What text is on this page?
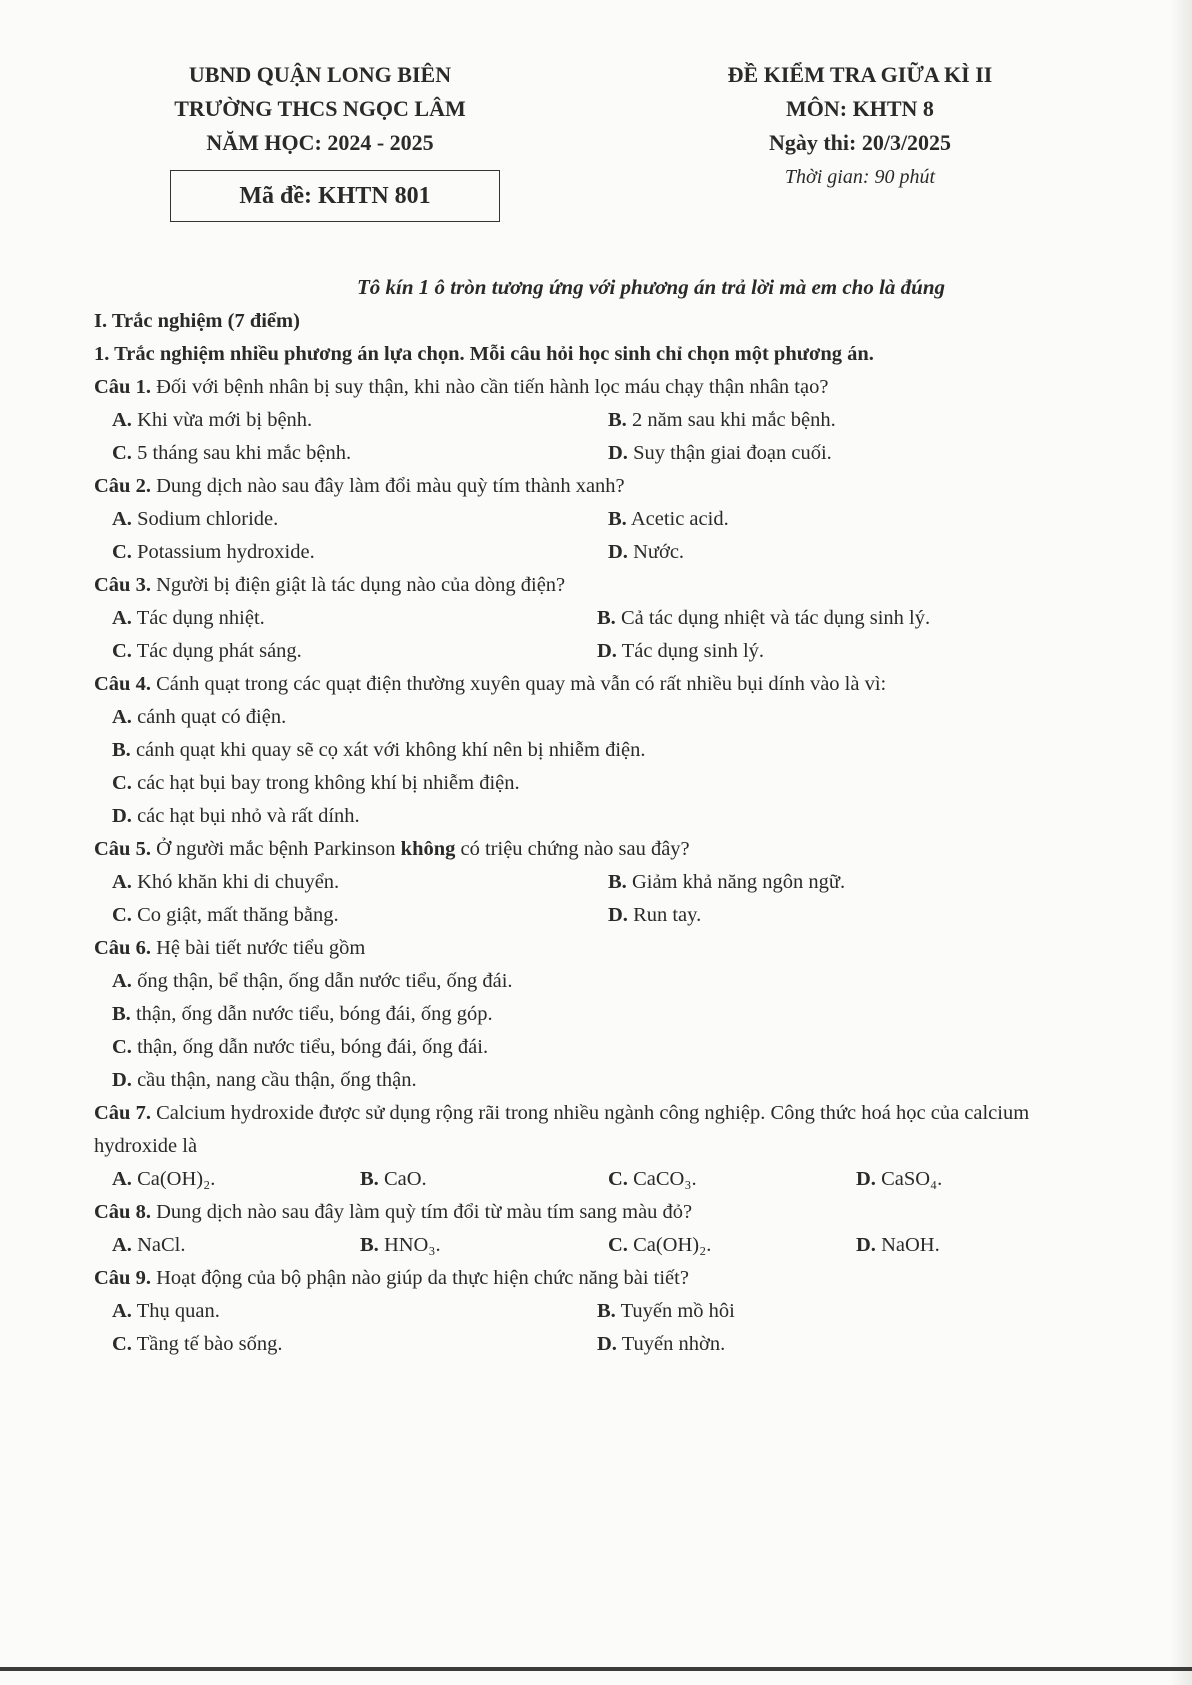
UBND QUẬN LONG BIÊN
TRƯỜNG THCS NGỌC LÂM
NĂM HỌC: 2024 - 2025
Mã đề: KHTN 801
ĐỀ KIỂM TRA GIỮA KÌ II
MÔN: KHTN 8
Ngày thi: 20/3/2025
Thời gian: 90 phút
Tô kín 1 ô tròn tương ứng với phương án trả lời mà em cho là đúng
I. Trắc nghiệm (7 điểm)
1. Trắc nghiệm nhiều phương án lựa chọn. Mỗi câu hỏi học sinh chỉ chọn một phương án.
Câu 1. Đối với bệnh nhân bị suy thận, khi nào cần tiến hành lọc máu chạy thận nhân tạo?
A. Khi vừa mới bị bệnh.	B. 2 năm sau khi mắc bệnh.
C. 5 tháng sau khi mắc bệnh.	D. Suy thận giai đoạn cuối.
Câu 2. Dung dịch nào sau đây làm đổi màu quỳ tím thành xanh?
A. Sodium chloride.	B. Acetic acid.
C. Potassium hydroxide.	D. Nước.
Câu 3. Người bị điện giật là tác dụng nào của dòng điện?
A. Tác dụng nhiệt.	B. Cả tác dụng nhiệt và tác dụng sinh lý.
C. Tác dụng phát sáng.	D. Tác dụng sinh lý.
Câu 4. Cánh quạt trong các quạt điện thường xuyên quay mà vẫn có rất nhiều bụi dính vào là vì:
A. cánh quạt có điện.
B. cánh quạt khi quay sẽ cọ xát với không khí nên bị nhiễm điện.
C. các hạt bụi bay trong không khí bị nhiễm điện.
D. các hạt bụi nhỏ và rất dính.
Câu 5. Ở người mắc bệnh Parkinson không có triệu chứng nào sau đây?
A. Khó khăn khi di chuyển.	B. Giảm khả năng ngôn ngữ.
C. Co giật, mất thăng bằng.	D. Run tay.
Câu 6. Hệ bài tiết nước tiểu gồm
A. ống thận, bể thận, ống dẫn nước tiểu, ống đái.
B. thận, ống dẫn nước tiểu, bóng đái, ống góp.
C. thận, ống dẫn nước tiểu, bóng đái, ống đái.
D. cầu thận, nang cầu thận, ống thận.
Câu 7. Calcium hydroxide được sử dụng rộng rãi trong nhiều ngành công nghiệp. Công thức hoá học của calcium hydroxide là
A. Ca(OH)₂.	B. CaO.	C. CaCO₃.	D. CaSO₄.
Câu 8. Dung dịch nào sau đây làm quỳ tím đổi từ màu tím sang màu đỏ?
A. NaCl.	B. HNO₃.	C. Ca(OH)₂.	D. NaOH.
Câu 9. Hoạt động của bộ phận nào giúp da thực hiện chức năng bài tiết?
A. Thụ quan.	B. Tuyến mồ hôi
C. Tầng tế bào sống.	D. Tuyến nhờn.
